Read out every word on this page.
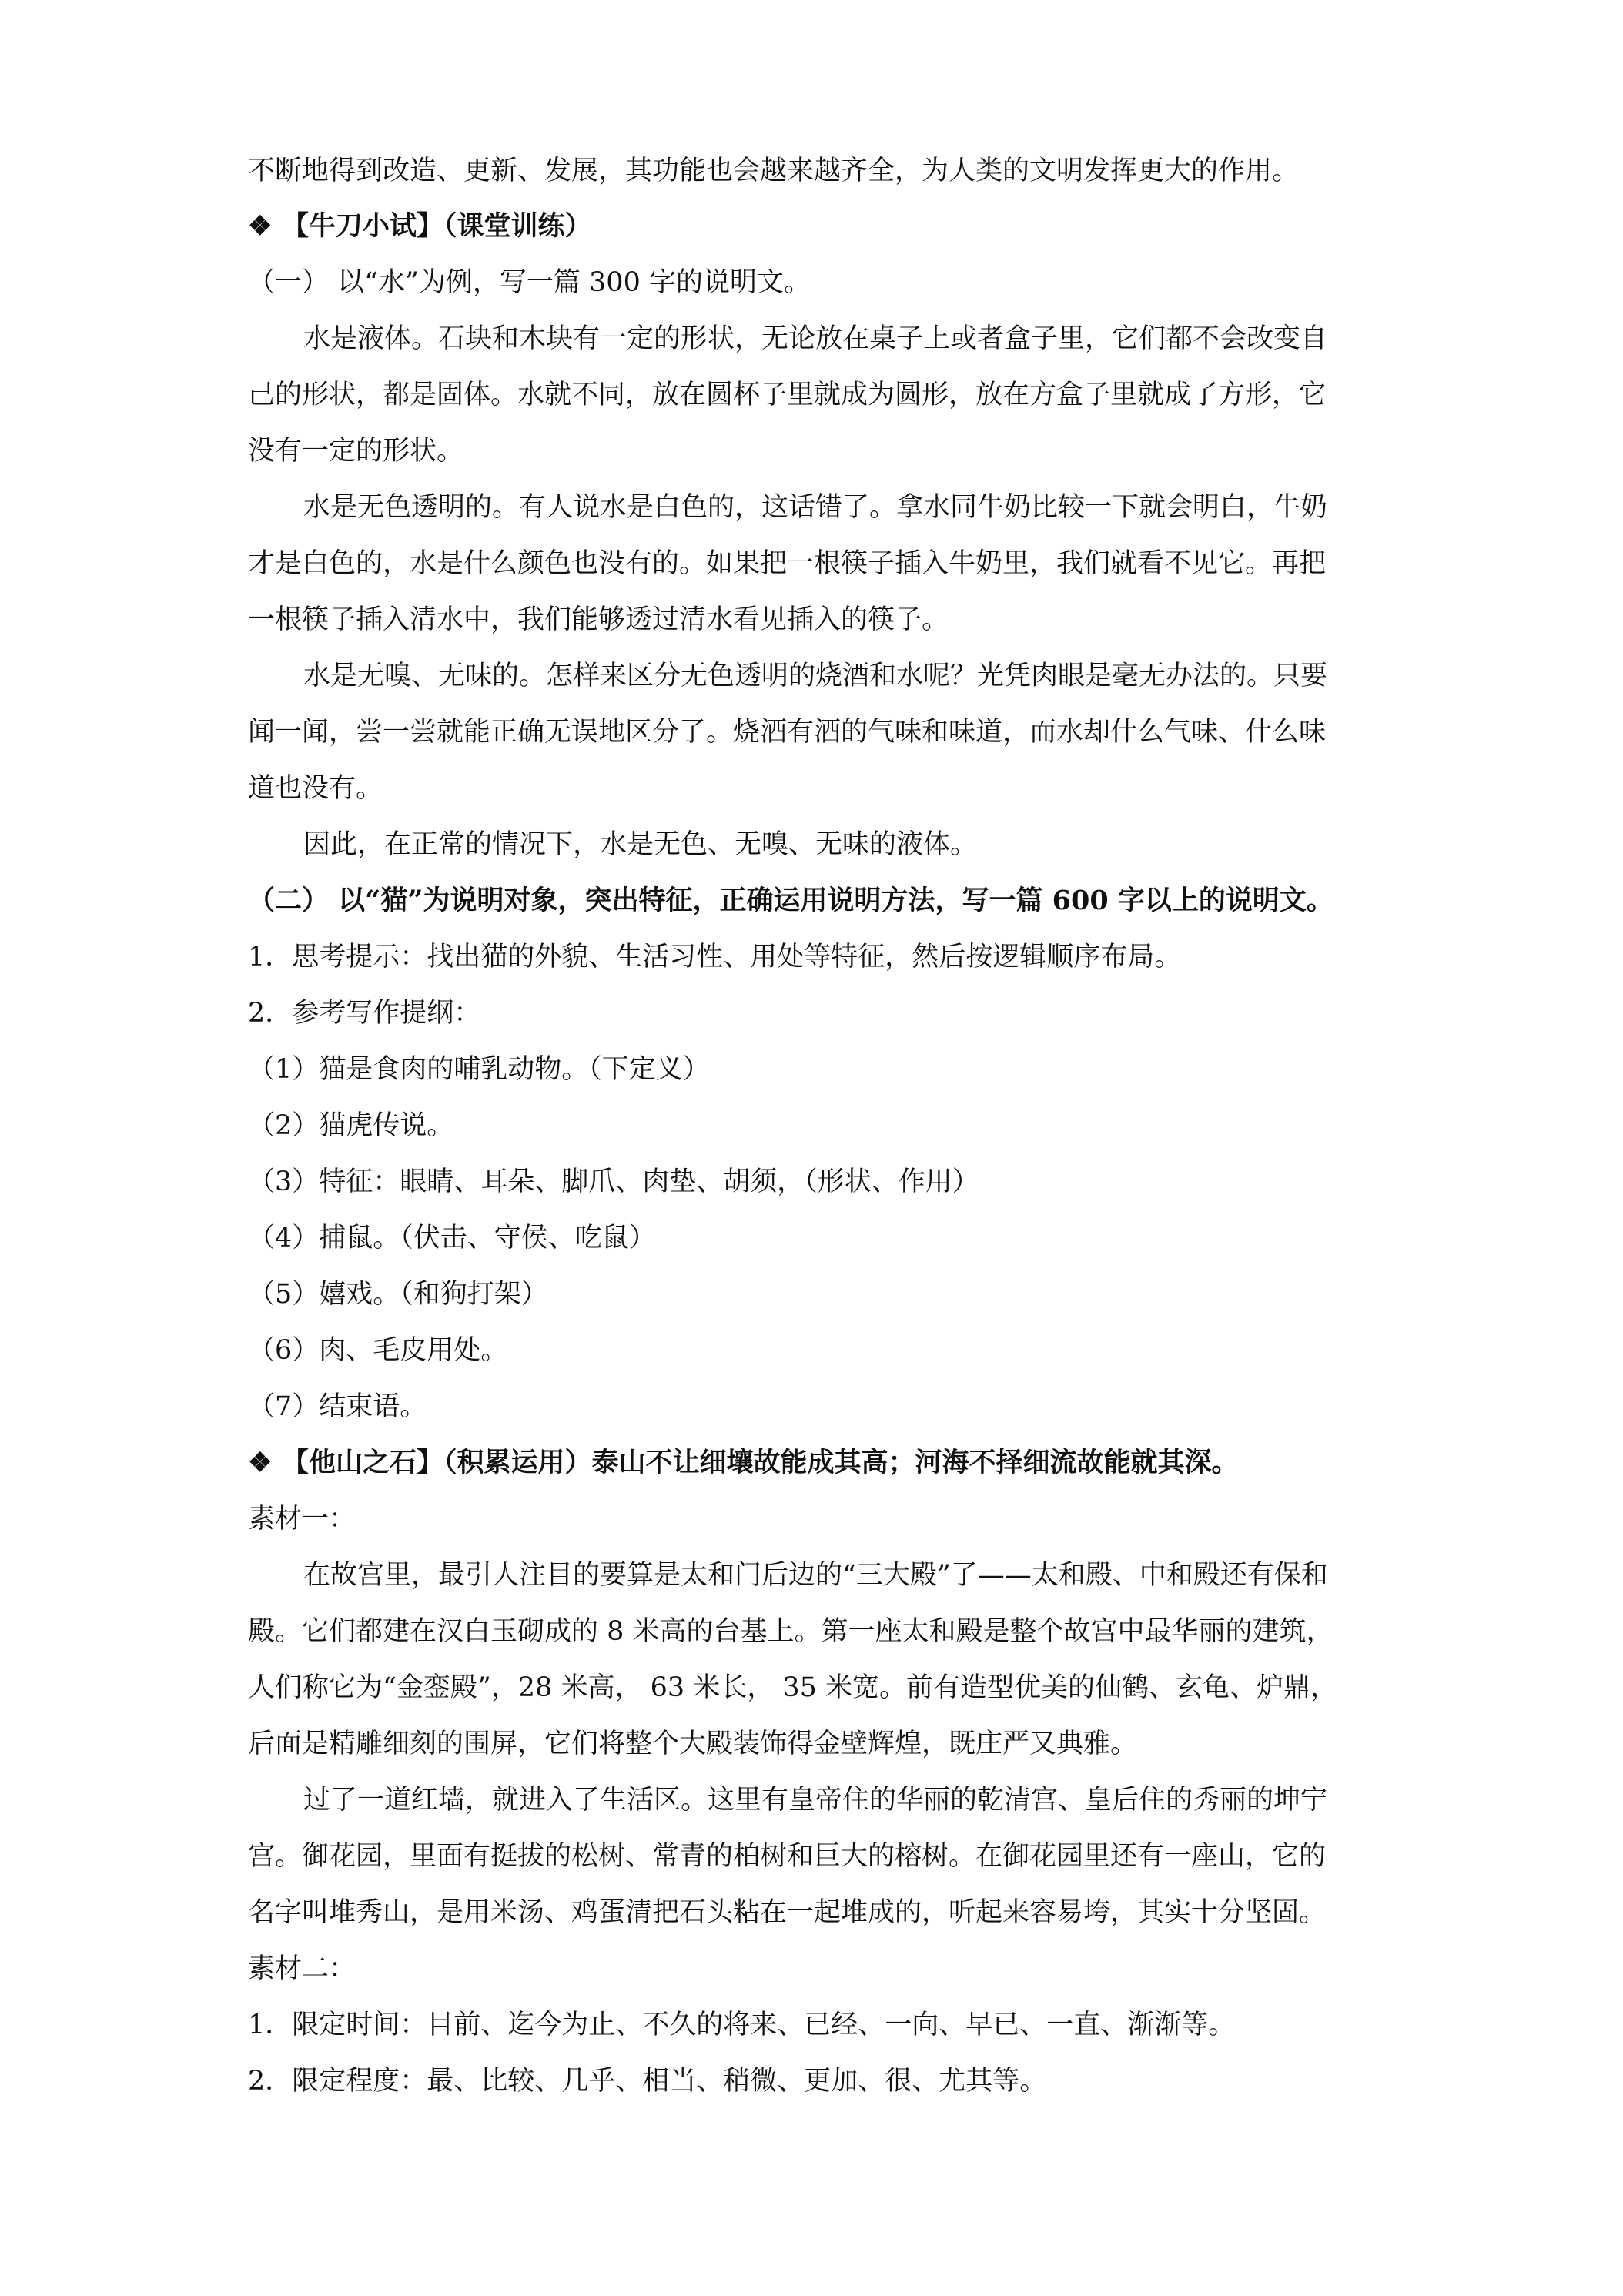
不断地得到改造、更新、发展，其功能也会越来越齐全，为人类的文明发挥更大的作用。
❖ 【牛刀小试】（课堂训练）
（一） 以“水”为例，写一篇 300 字的说明文。
水是液体。石块和木块有一定的形状，无论放在桌子上或者盒子里，它们都不会改变自
己的形状，都是固体。水就不同，放在圆杯子里就成为圆形，放在方盒子里就成了方形，它
没有一定的形状。
水是无色透明的。有人说水是白色的，这话错了。拿水同牛奶比较一下就会明白，牛奶
才是白色的，水是什么颜色也没有的。如果把一根筷子插入牛奶里，我们就看不见它。再把
一根筷子插入清水中，我们能够透过清水看见插入的筷子。
水是无嗅、无味的。怎样来区分无色透明的烧酒和水呢？光凭肉眼是毫无办法的。只要
闻一闻，尝一尝就能正确无误地区分了。烧酒有酒的气味和味道，而水却什么气味、什么味
道也没有。
因此，在正常的情况下，水是无色、无嗅、无味的液体。
（二） 以“猫”为说明对象，突出特征，正确运用说明方法，写一篇 600 字以上的说明文。
1．思考提示：找出猫的外貌、生活习性、用处等特征，然后按逻辑顺序布局。
2．参考写作提纲：
（1）猫是食肉的哺乳动物。（下定义）
（2）猫虎传说。
（3）特征：眼睛、耳朵、脚爪、肉垫、胡须，（形状、作用）
（4）捕鼠。（伏击、守侯、吃鼠）
（5）嬉戏。（和狗打架）
（6）肉、毛皮用处。
（7）结束语。
❖ 【他山之石】（积累运用）泰山不让细壤故能成其高；河海不择细流故能就其深。
素材一：
在故宫里，最引人注目的要算是太和门后边的“三大殿”了——太和殿、中和殿还有保和
殿。它们都建在汉白玉砌成的 8 米高的台基上。第一座太和殿是整个故宫中最华丽的建筑，
人们称它为“金銮殿”，28 米高， 63 米长， 35 米宽。前有造型优美的仙鹤、玄龟、炉鼎，
后面是精雕细刻的围屏，它们将整个大殿装饰得金壁辉煌，既庄严又典雅。
过了一道红墙，就进入了生活区。这里有皇帝住的华丽的乾清宫、皇后住的秀丽的坤宁
宫。御花园，里面有挺拔的松树、常青的柏树和巨大的榕树。在御花园里还有一座山，它的
名字叫堆秀山，是用米汤、鸡蛋清把石头粘在一起堆成的，听起来容易垮，其实十分坚固。
素材二：
1．限定时间：目前、迄今为止、不久的将来、已经、一向、早已、一直、渐渐等。
2．限定程度：最、比较、几乎、相当、稍微、更加、很、尤其等。
